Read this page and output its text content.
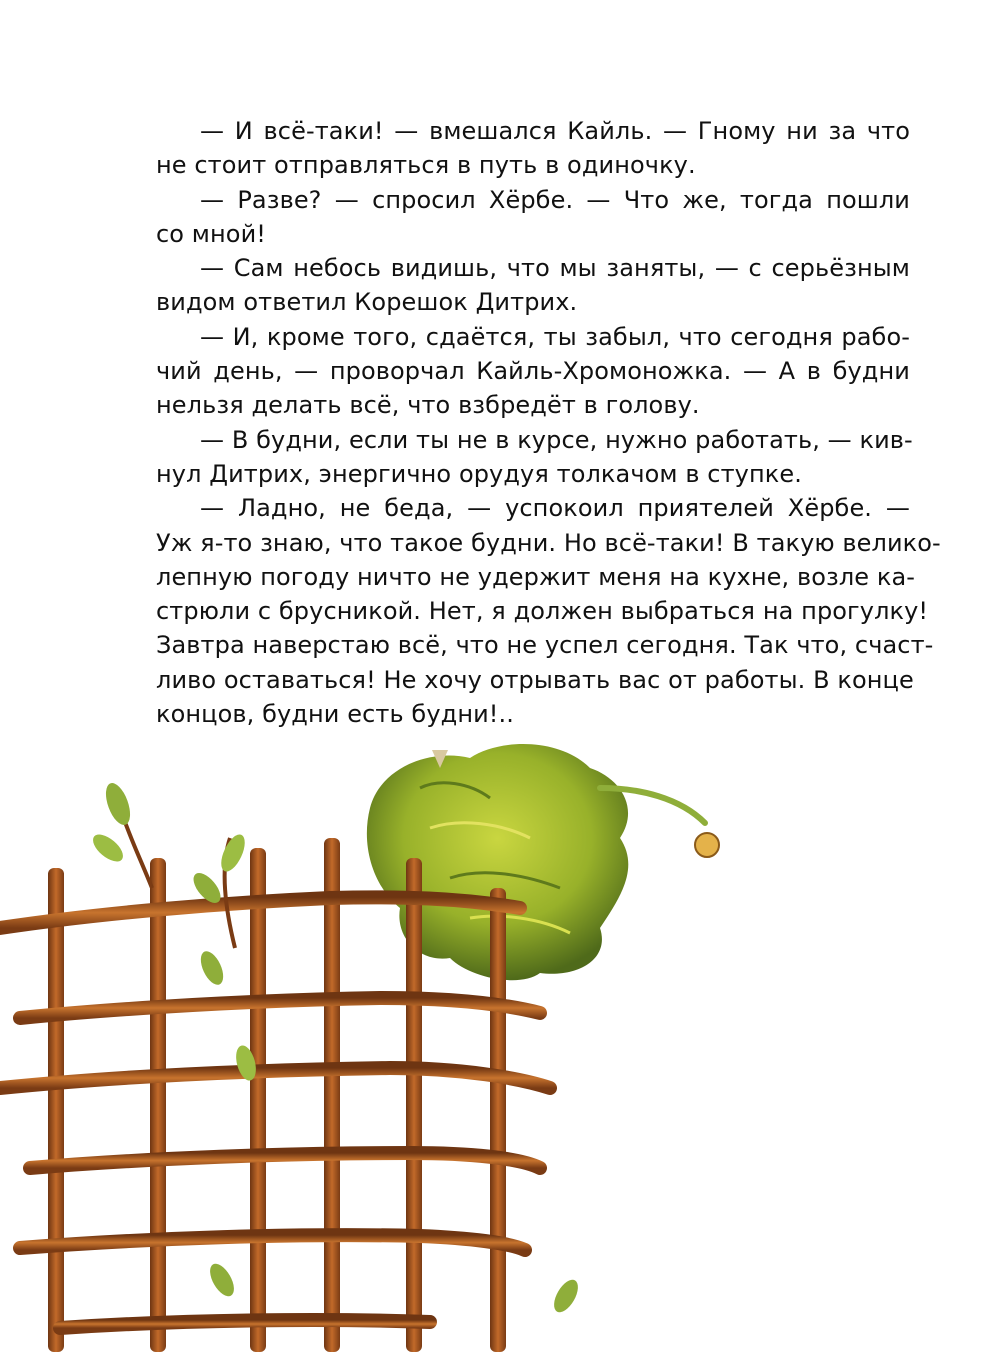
— И всё-таки! — вмешался Кайль. — Гному ни за что
не стоит отправляться в путь в одиночку.
— Разве? — спросил Хёрбе. — Что же, тогда пошли
со мной!
— Сам небось видишь, что мы заняты, — с серьёзным
видом ответил Корешок Дитрих.
— И, кроме того, сдаётся, ты забыл, что сегодня рабо-
чий день, — проворчал Кайль-Хромоножка. — А в будни
нельзя делать всё, что взбредёт в голову.
— В будни, если ты не в курсе, нужно работать, — кив-
нул Дитрих, энергично орудуя толкачом в ступке.
— Ладно, не беда, — успокоил приятелей Хёрбе. —
Уж я-то знаю, что такое будни. Но всё-таки! В такую велико-
лепную погоду ничто не удержит меня на кухне, возле ка-
стрюли с брусникой. Нет, я должен выбраться на прогулку!
Завтра наверстаю всё, что не успел сегодня. Так что, счаст-
ливо оставаться! Не хочу отрывать вас от работы. В конце
концов, будни есть будни!..
